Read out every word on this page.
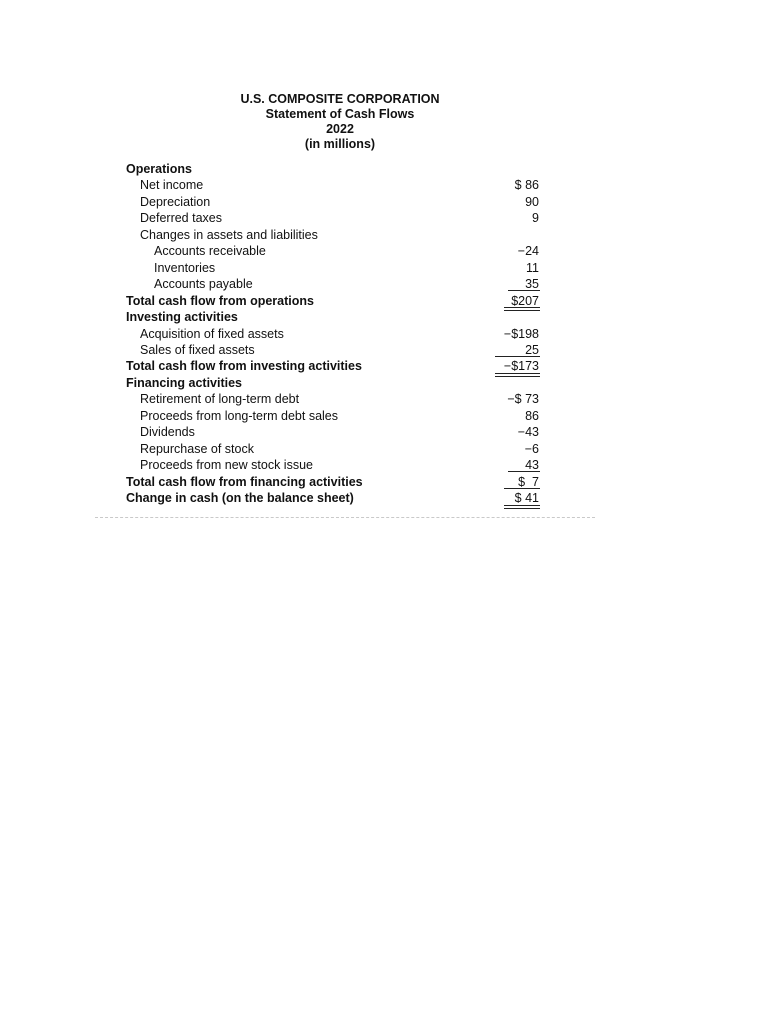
U.S. COMPOSITE CORPORATION
Statement of Cash Flows
2022
(in millions)
Operations
Net income	$ 86
Depreciation	90
Deferred taxes	9
Changes in assets and liabilities
Accounts receivable	−24
Inventories	11
Accounts payable	35
Total cash flow from operations	$207
Investing activities
Acquisition of fixed assets	−$198
Sales of fixed assets	25
Total cash flow from investing activities	−$173
Financing activities
Retirement of long-term debt	−$ 73
Proceeds from long-term debt sales	86
Dividends	−43
Repurchase of stock	−6
Proceeds from new stock issue	43
Total cash flow from financing activities	$  7
Change in cash (on the balance sheet)	$ 41
